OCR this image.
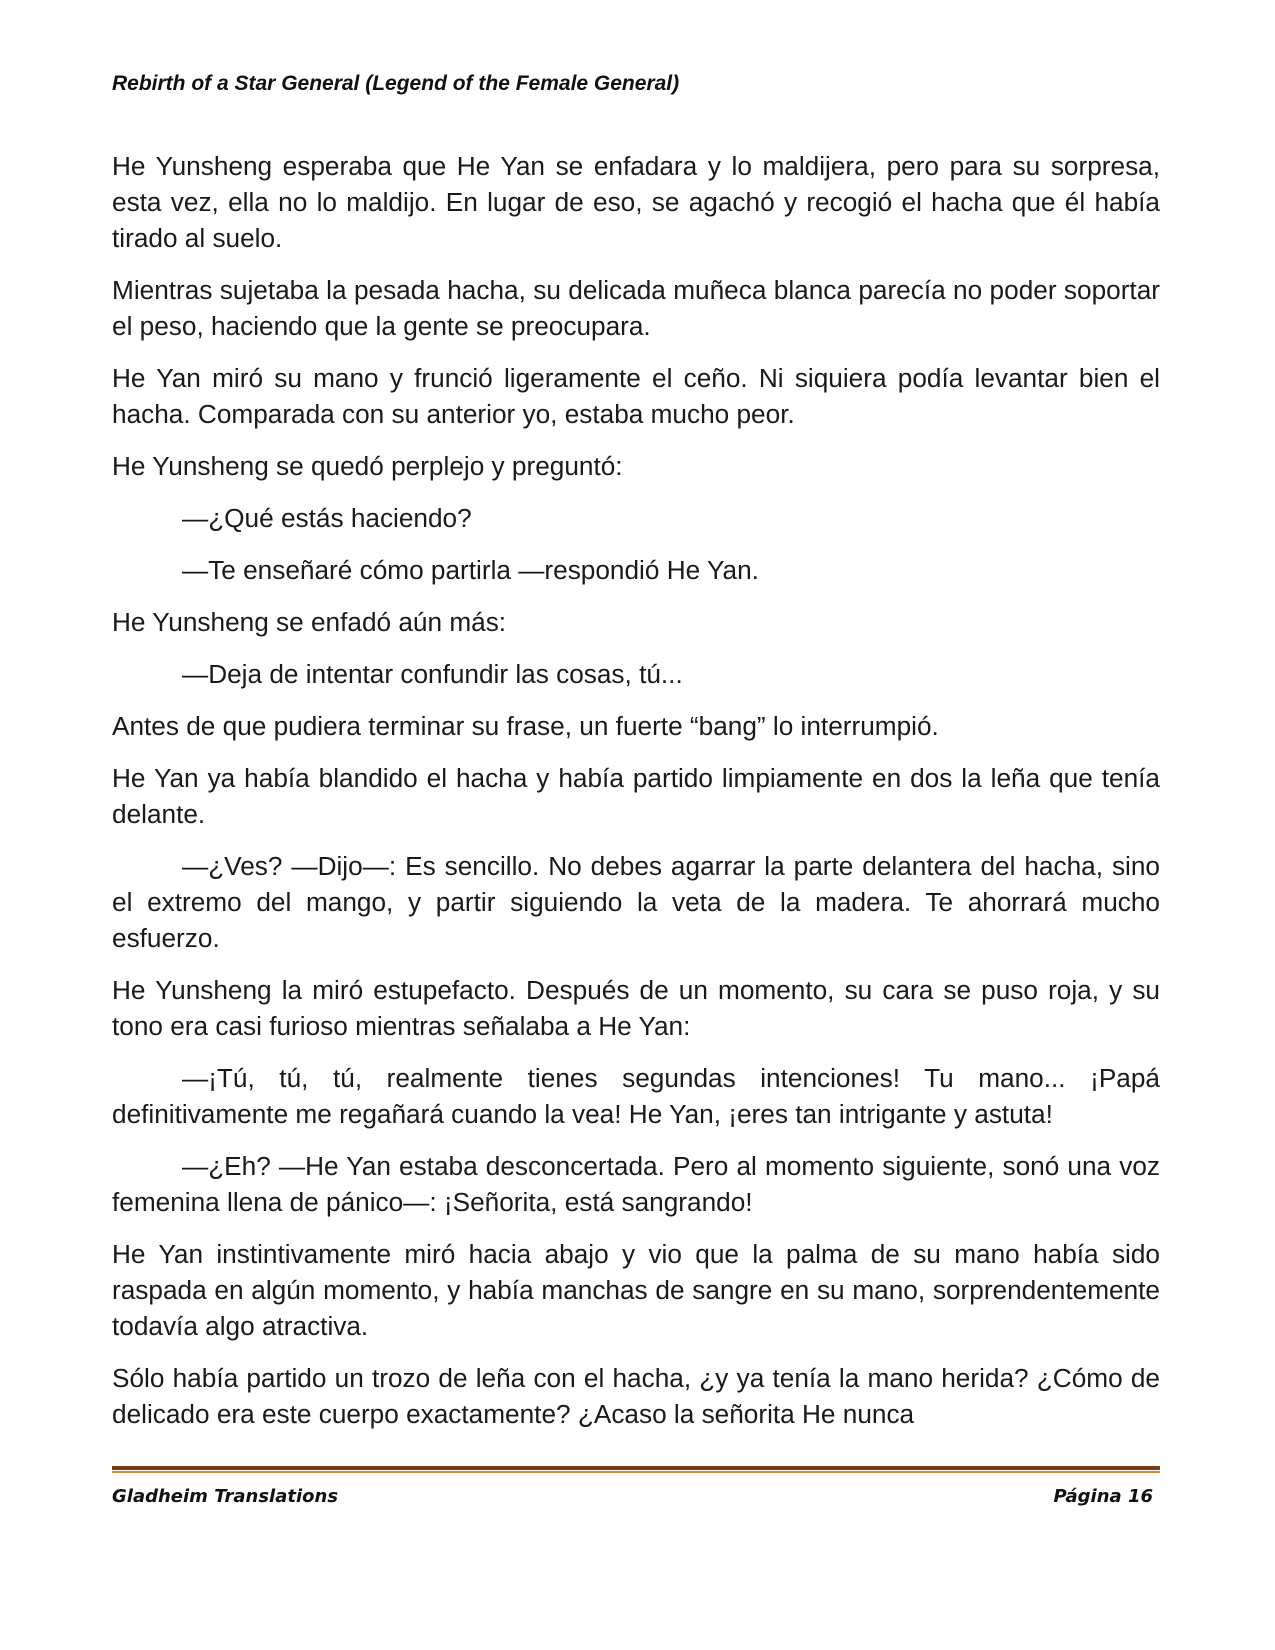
Rebirth of a Star General (Legend of the Female General)

He Yunsheng esperaba que He Yan se enfadara y lo maldijera, pero para su sorpresa, esta vez, ella no lo maldijo. En lugar de eso, se agachó y recogió el hacha que él había tirado al suelo.

Mientras sujetaba la pesada hacha, su delicada muñeca blanca parecía no poder soportar el peso, haciendo que la gente se preocupara.

He Yan miró su mano y frunció ligeramente el ceño. Ni siquiera podía levantar bien el hacha. Comparada con su anterior yo, estaba mucho peor.

He Yunsheng se quedó perplejo y preguntó:

—¿Qué estás haciendo?

—Te enseñaré cómo partirla —respondió He Yan.

He Yunsheng se enfadó aún más:

—Deja de intentar confundir las cosas, tú...

Antes de que pudiera terminar su frase, un fuerte “bang” lo interrumpió.

He Yan ya había blandido el hacha y había partido limpiamente en dos la leña que tenía delante.

—¿Ves? —Dijo—: Es sencillo. No debes agarrar la parte delantera del hacha, sino el extremo del mango, y partir siguiendo la veta de la madera. Te ahorrará mucho esfuerzo.

He Yunsheng la miró estupefacto. Después de un momento, su cara se puso roja, y su tono era casi furioso mientras señalaba a He Yan:

—¡Tú, tú, tú, realmente tienes segundas intenciones! Tu mano... ¡Papá definitivamente me regañará cuando la vea! He Yan, ¡eres tan intrigante y astuta!

—¿Eh? —He Yan estaba desconcertada. Pero al momento siguiente, sonó una voz femenina llena de pánico—: ¡Señorita, está sangrando!

He Yan instintivamente miró hacia abajo y vio que la palma de su mano había sido raspada en algún momento, y había manchas de sangre en su mano, sorprendentemente todavía algo atractiva.

Sólo había partido un trozo de leña con el hacha, ¿y ya tenía la mano herida? ¿Cómo de delicado era este cuerpo exactamente? ¿Acaso la señorita He nunca

Gladheim Translations	Página 16
